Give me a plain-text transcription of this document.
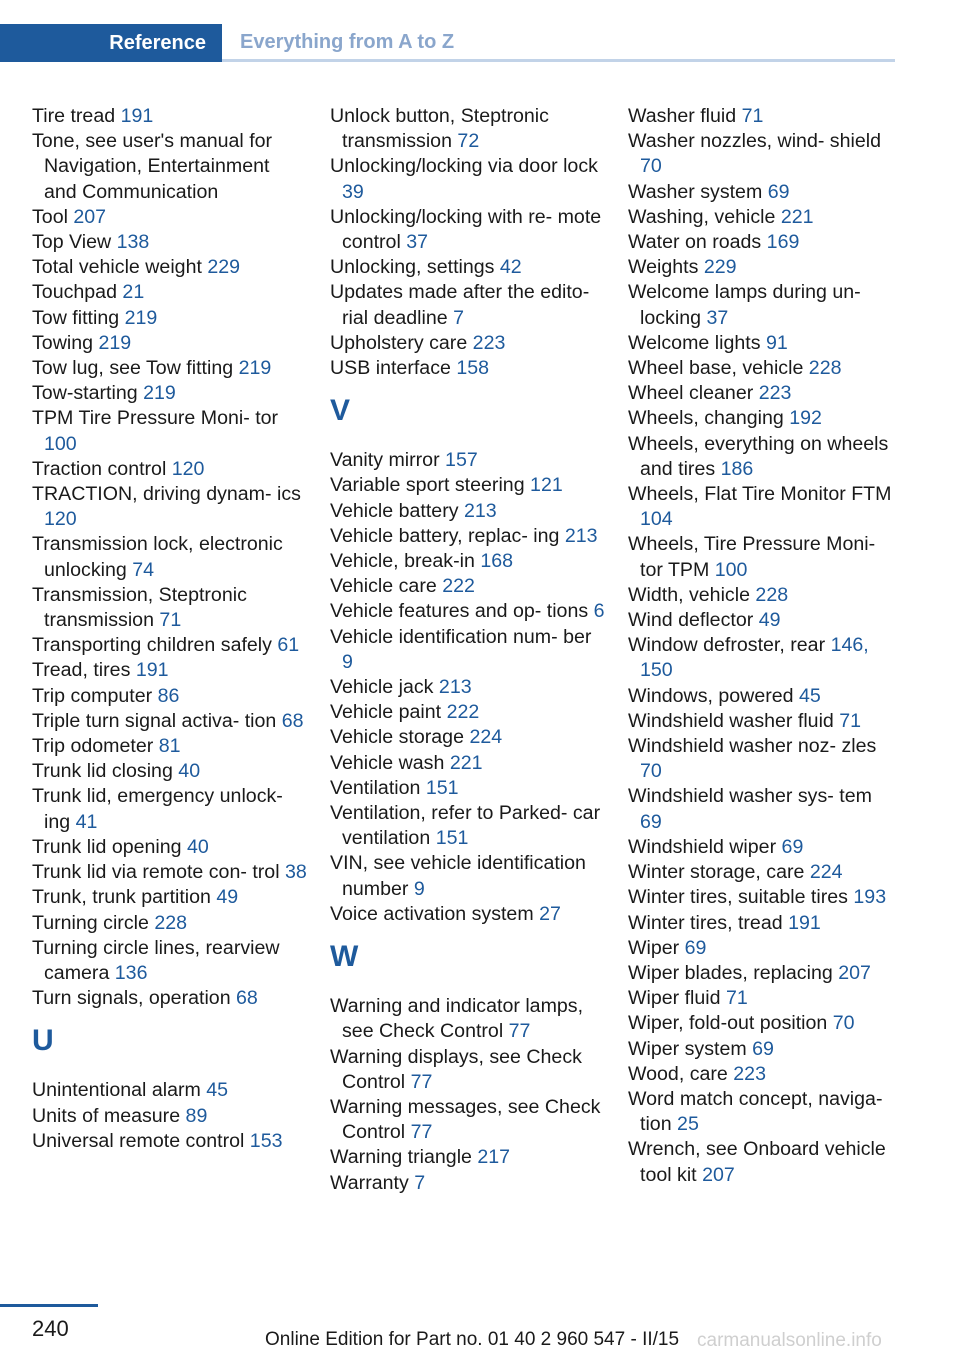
Reference	Everything from A to Z
Tire tread 191
Tone, see user's manual for Navigation, Entertainment and Communication
Tool 207
Top View 138
Total vehicle weight 229
Touchpad 21
Tow fitting 219
Towing 219
Tow lug, see Tow fitting 219
Tow-starting 219
TPM Tire Pressure Moni‐ tor 100
Traction control 120
TRACTION, driving dynam‐ ics 120
Transmission lock, electronic unlocking 74
Transmission, Steptronic transmission 71
Transporting children safely 61
Tread, tires 191
Trip computer 86
Triple turn signal activa‐ tion 68
Trip odometer 81
Trunk lid closing 40
Trunk lid, emergency unlock‐ ing 41
Trunk lid opening 40
Trunk lid via remote con‐ trol 38
Trunk, trunk partition 49
Turning circle 228
Turning circle lines, rearview camera 136
Turn signals, operation 68
U
Unintentional alarm 45
Units of measure 89
Universal remote control 153
Unlock button, Steptronic transmission 72
Unlocking/locking via door lock 39
Unlocking/locking with re‐ mote control 37
Unlocking, settings 42
Updates made after the edito‐ rial deadline 7
Upholstery care 223
USB interface 158
V
Vanity mirror 157
Variable sport steering 121
Vehicle battery 213
Vehicle battery, replac‐ ing 213
Vehicle, break-in 168
Vehicle care 222
Vehicle features and op‐ tions 6
Vehicle identification num‐ ber 9
Vehicle jack 213
Vehicle paint 222
Vehicle storage 224
Vehicle wash 221
Ventilation 151
Ventilation, refer to Parked- car ventilation 151
VIN, see vehicle identification number 9
Voice activation system 27
W
Warning and indicator lamps, see Check Control 77
Warning displays, see Check Control 77
Warning messages, see Check Control 77
Warning triangle 217
Warranty 7
Washer fluid 71
Washer nozzles, wind‐ shield 70
Washer system 69
Washing, vehicle 221
Water on roads 169
Weights 229
Welcome lamps during un‐ locking 37
Welcome lights 91
Wheel base, vehicle 228
Wheel cleaner 223
Wheels, changing 192
Wheels, everything on wheels and tires 186
Wheels, Flat Tire Monitor FTM 104
Wheels, Tire Pressure Moni‐ tor TPM 100
Width, vehicle 228
Wind deflector 49
Window defroster, rear 146, 150
Windows, powered 45
Windshield washer fluid 71
Windshield washer noz‐ zles 70
Windshield washer sys‐ tem 69
Windshield wiper 69
Winter storage, care 224
Winter tires, suitable tires 193
Winter tires, tread 191
Wiper 69
Wiper blades, replacing 207
Wiper fluid 71
Wiper, fold-out position 70
Wiper system 69
Wood, care 223
Word match concept, naviga‐ tion 25
Wrench, see Onboard vehicle tool kit 207
240	Online Edition for Part no. 01 40 2 960 547 - II/15 carmanualsonline.info
